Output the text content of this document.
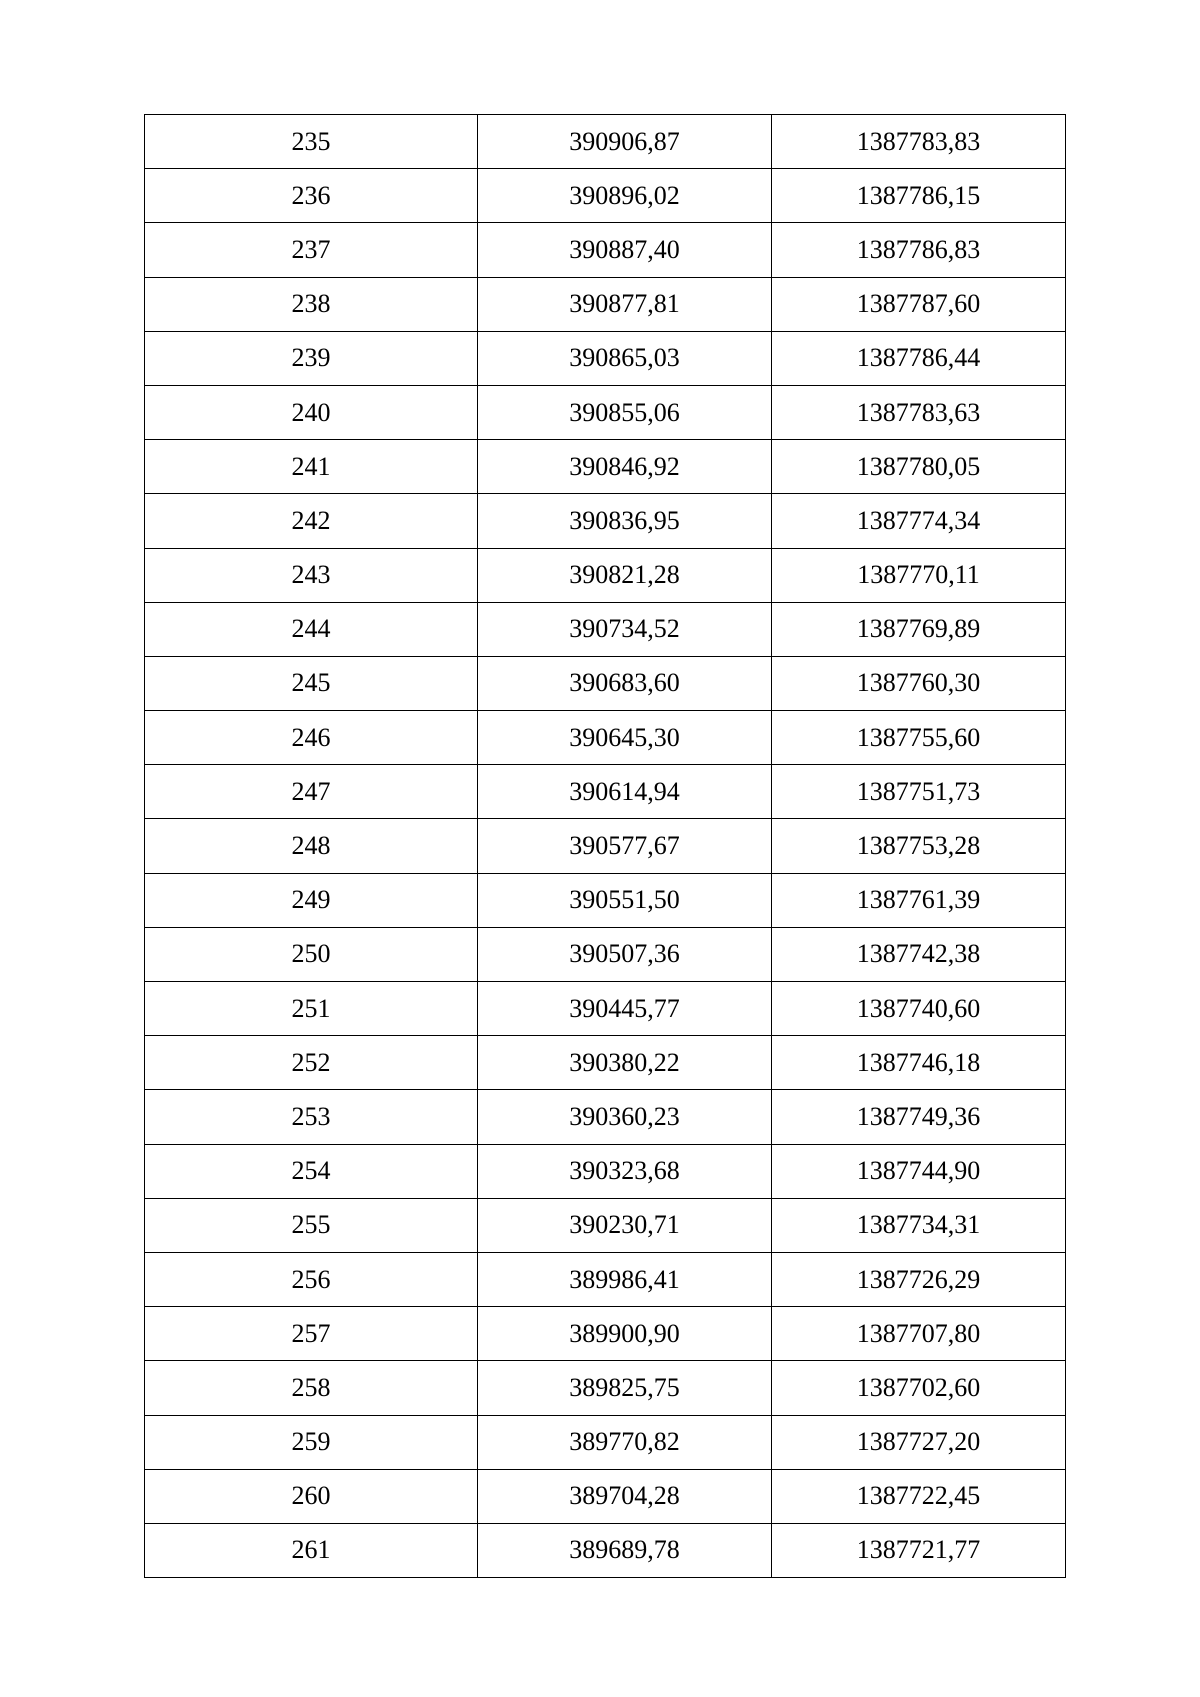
235	390906,87	1387783,83
236	390896,02	1387786,15
237	390887,40	1387786,83
238	390877,81	1387787,60
239	390865,03	1387786,44
240	390855,06	1387783,63
241	390846,92	1387780,05
242	390836,95	1387774,34
243	390821,28	1387770,11
244	390734,52	1387769,89
245	390683,60	1387760,30
246	390645,30	1387755,60
247	390614,94	1387751,73
248	390577,67	1387753,28
249	390551,50	1387761,39
250	390507,36	1387742,38
251	390445,77	1387740,60
252	390380,22	1387746,18
253	390360,23	1387749,36
254	390323,68	1387744,90
255	390230,71	1387734,31
256	389986,41	1387726,29
257	389900,90	1387707,80
258	389825,75	1387702,60
259	389770,82	1387727,20
260	389704,28	1387722,45
261	389689,78	1387721,77
